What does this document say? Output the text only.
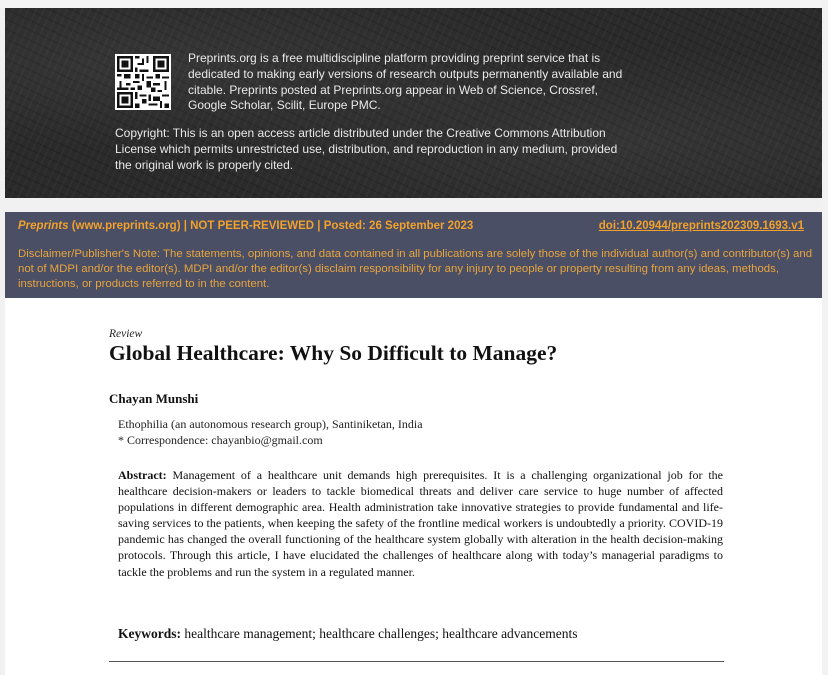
Preprints.org is a free multidiscipline platform providing preprint service that is dedicated to making early versions of research outputs permanently available and citable. Preprints posted at Preprints.org appear in Web of Science, Crossref, Google Scholar, Scilit, Europe PMC.
Copyright: This is an open access article distributed under the Creative Commons Attribution License which permits unrestricted use, distribution, and reproduction in any medium, provided the original work is properly cited.
Preprints (www.preprints.org) | NOT PEER-REVIEWED | Posted: 26 September 2023	doi:10.20944/preprints202309.1693.v1
Disclaimer/Publisher's Note: The statements, opinions, and data contained in all publications are solely those of the individual author(s) and contributor(s) and not of MDPI and/or the editor(s). MDPI and/or the editor(s) disclaim responsibility for any injury to people or property resulting from any ideas, methods, instructions, or products referred to in the content.
Review
Global Healthcare: Why So Difficult to Manage?
Chayan Munshi
Ethophilia (an autonomous research group), Santiniketan, India
* Correspondence: chayanbio@gmail.com
Abstract: Management of a healthcare unit demands high prerequisites. It is a challenging organizational job for the healthcare decision-makers or leaders to tackle biomedical threats and deliver care service to huge number of affected populations in different demographic area. Health administration take innovative strategies to provide fundamental and life-saving services to the patients, when keeping the safety of the frontline medical workers is undoubtedly a priority. COVID-19 pandemic has changed the overall functioning of the healthcare system globally with alteration in the health decision-making protocols. Through this article, I have elucidated the challenges of healthcare along with today’s managerial paradigms to tackle the problems and run the system in a regulated manner.
Keywords: healthcare management; healthcare challenges; healthcare advancements
